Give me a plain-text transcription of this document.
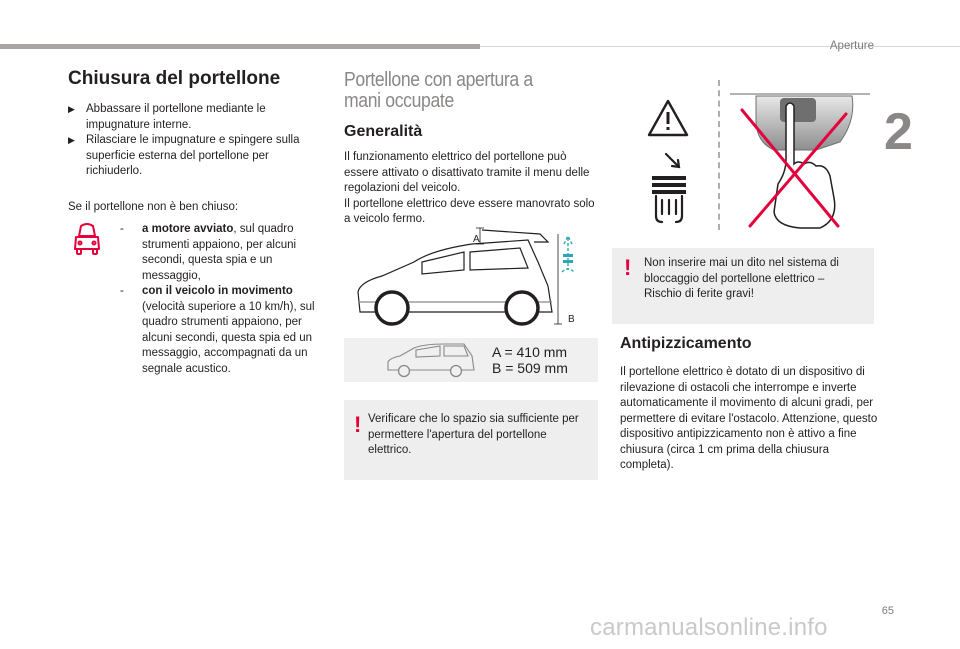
Aperture
2
Chiusura del portellone
▶ Abbassare il portellone mediante le impugnature interne.
▶ Rilasciare le impugnature e spingere sulla superficie esterna del portellone per richiuderlo.

Se il portellone non è ben chiuso:

- a motore avviato, sul quadro strumenti appaiono, per alcuni secondi, questa spia e un messaggio,
- con il veicolo in movimento (velocità superiore a 10 km/h), sul quadro strumenti appaiono, per alcuni secondi, questa spia ed un messaggio, accompagnati da un segnale acustico.
Portellone con apertura a mani occupate
Generalità

Il funzionamento elettrico del portellone può essere attivato o disattivato tramite il menu delle regolazioni del veicolo.

Il portellone elettrico deve essere manovrato solo a veicolo fermo.

A
B
A = 410 mm
B = 509 mm
! Verificare che lo spazio sia sufficiente per permettere l'apertura del portellone elettrico.
! Non inserire mai un dito nel sistema di bloccaggio del portellone elettrico – Rischio di ferite gravi!
Antipizzicamento

Il portellone elettrico è dotato di un dispositivo di rilevazione di ostacoli che interrompe e inverte automaticamente il movimento di alcuni gradi, per permettere di evitare l'ostacolo. Attenzione, questo dispositivo antipizzicamento non è attivo a fine chiusura (circa 1 cm prima della chiusura completa).

65
carmanualsonline.info
